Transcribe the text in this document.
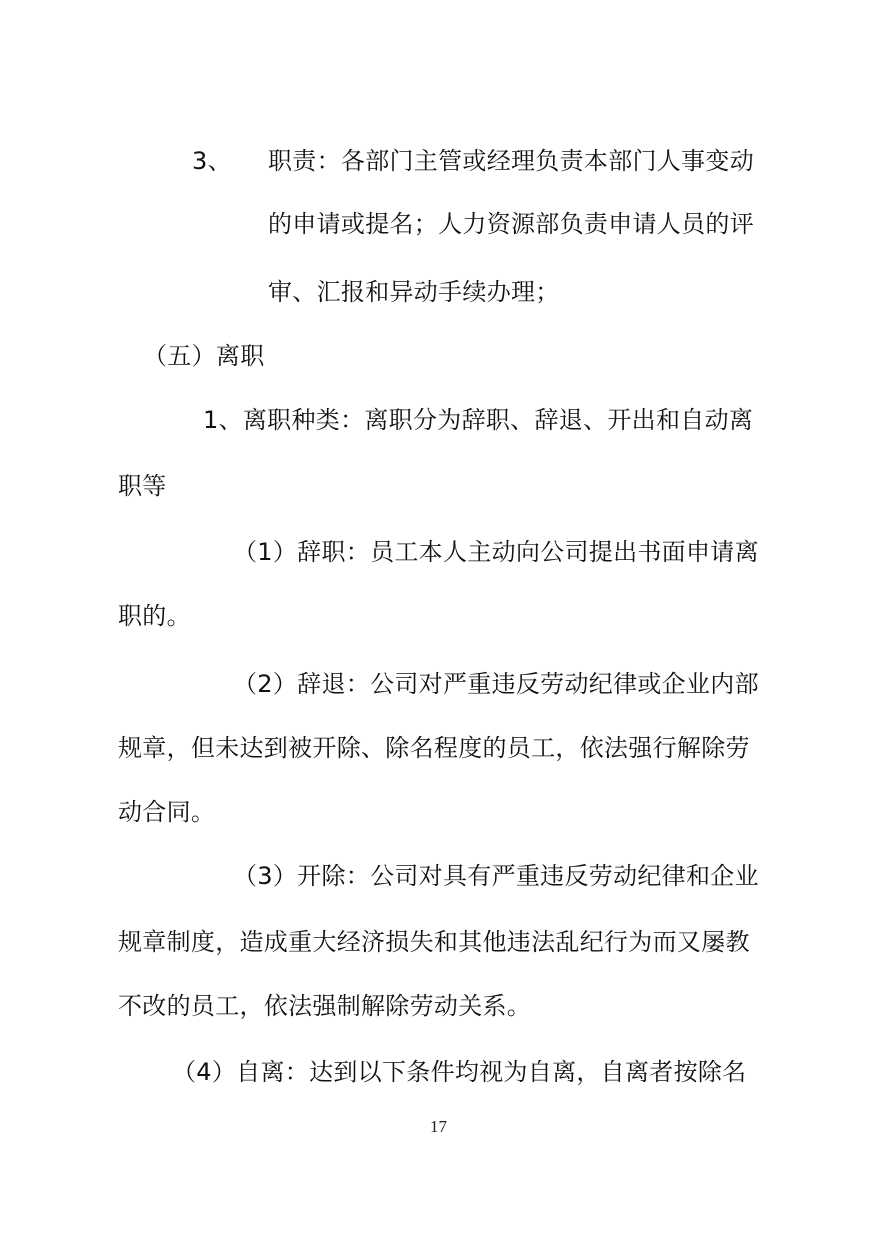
3、 职责：各部门主管或经理负责本部门人事变动
的申请或提名；人力资源部负责申请人员的评
审、汇报和异动手续办理；
（五）离职
1、离职种类：离职分为辞职、辞退、开出和自动离
职等
（1）辞职：员工本人主动向公司提出书面申请离
职的。
（2）辞退：公司对严重违反劳动纪律或企业内部
规章，但未达到被开除、除名程度的员工，依法强行解除劳
动合同。
（3）开除：公司对具有严重违反劳动纪律和企业
规章制度，造成重大经济损失和其他违法乱纪行为而又屡教
不改的员工，依法强制解除劳动关系。
（4）自离：达到以下条件均视为自离，自离者按除名
17
